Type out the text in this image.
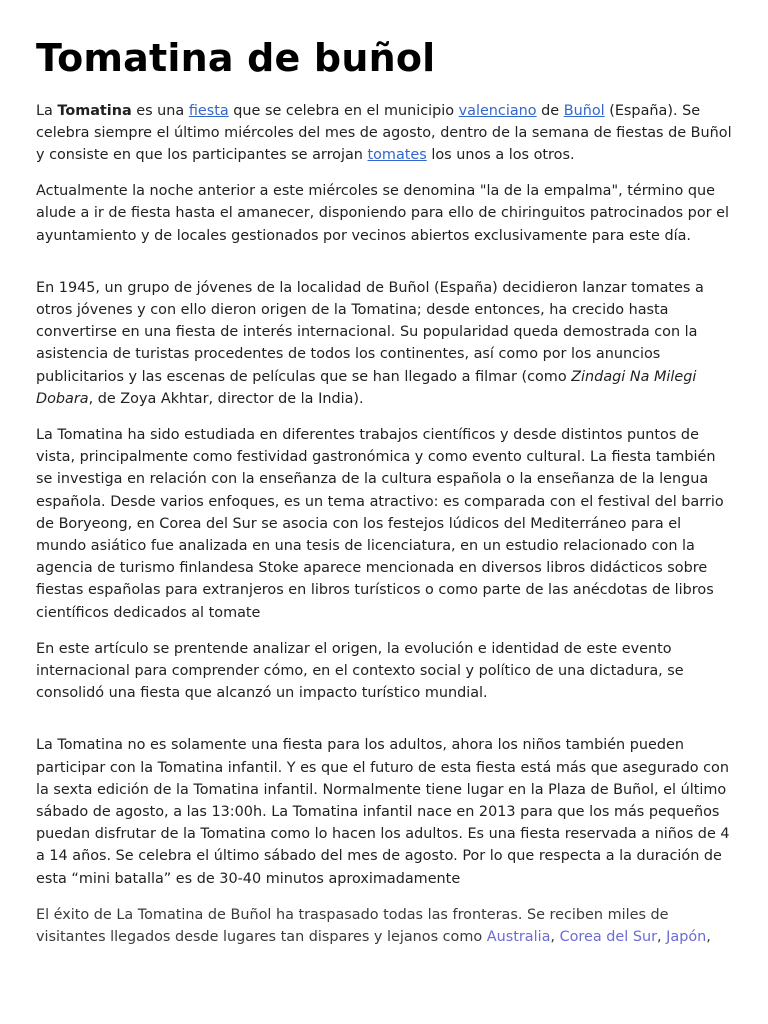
Tomatina de buñol

La Tomatina es una fiesta que se celebra en el municipio valenciano de Buñol (España). Se celebra siempre el último miércoles del mes de agosto, dentro de la semana de fiestas de Buñol y consiste en que los participantes se arrojan tomates los unos a los otros.

Actualmente la noche anterior a este miércoles se denomina "la de la empalma", término que alude a ir de fiesta hasta el amanecer, disponiendo para ello de chiringuitos patrocinados por el ayuntamiento y de locales gestionados por vecinos abiertos exclusivamente para este día.

En 1945, un grupo de jóvenes de la localidad de Buñol (España) decidieron lanzar tomates a otros jóvenes y con ello dieron origen de la Tomatina; desde entonces, ha crecido hasta convertirse en una fiesta de interés internacional. Su popularidad queda demostrada con la asistencia de turistas procedentes de todos los continentes, así como por los anuncios publicitarios y las escenas de películas que se han llegado a filmar (como Zindagi Na Milegi Dobara, de Zoya Akhtar, director de la India).

La Tomatina ha sido estudiada en diferentes trabajos científicos y desde distintos puntos de vista, principalmente como festividad gastronómica y como evento cultural. La fiesta también se investiga en relación con la enseñanza de la cultura española o la enseñanza de la lengua española. Desde varios enfoques, es un tema atractivo: es comparada con el festival del barrio de Boryeong, en Corea del Sur se asocia con los festejos lúdicos del Mediterráneo para el mundo asiático fue analizada en una tesis de licenciatura, en un estudio relacionado con la agencia de turismo finlandesa Stoke aparece mencionada en diversos libros didácticos sobre fiestas españolas para extranjeros en libros turísticos o como parte de las anécdotas de libros científicos dedicados al tomate

En este artículo se prentende analizar el origen, la evolución e identidad de este evento internacional para comprender cómo, en el contexto social y político de una dictadura, se consolidó una fiesta que alcanzó un impacto turístico mundial.

La Tomatina no es solamente una fiesta para los adultos, ahora los niños también pueden participar con la Tomatina infantil. Y es que el futuro de esta fiesta está más que asegurado con la sexta edición de la Tomatina infantil. Normalmente tiene lugar en la Plaza de Buñol, el último sábado de agosto, a las 13:00h. La Tomatina infantil nace en 2013 para que los más pequeños puedan disfrutar de la Tomatina como lo hacen los adultos. Es una fiesta reservada a niños de 4 a 14 años. Se celebra el último sábado del mes de agosto. Por lo que respecta a la duración de esta “mini batalla” es de 30-40 minutos aproximadamente

El éxito de La Tomatina de Buñol ha traspasado todas las fronteras. Se reciben miles de visitantes llegados desde lugares tan dispares y lejanos como Australia, Corea del Sur, Japón,
